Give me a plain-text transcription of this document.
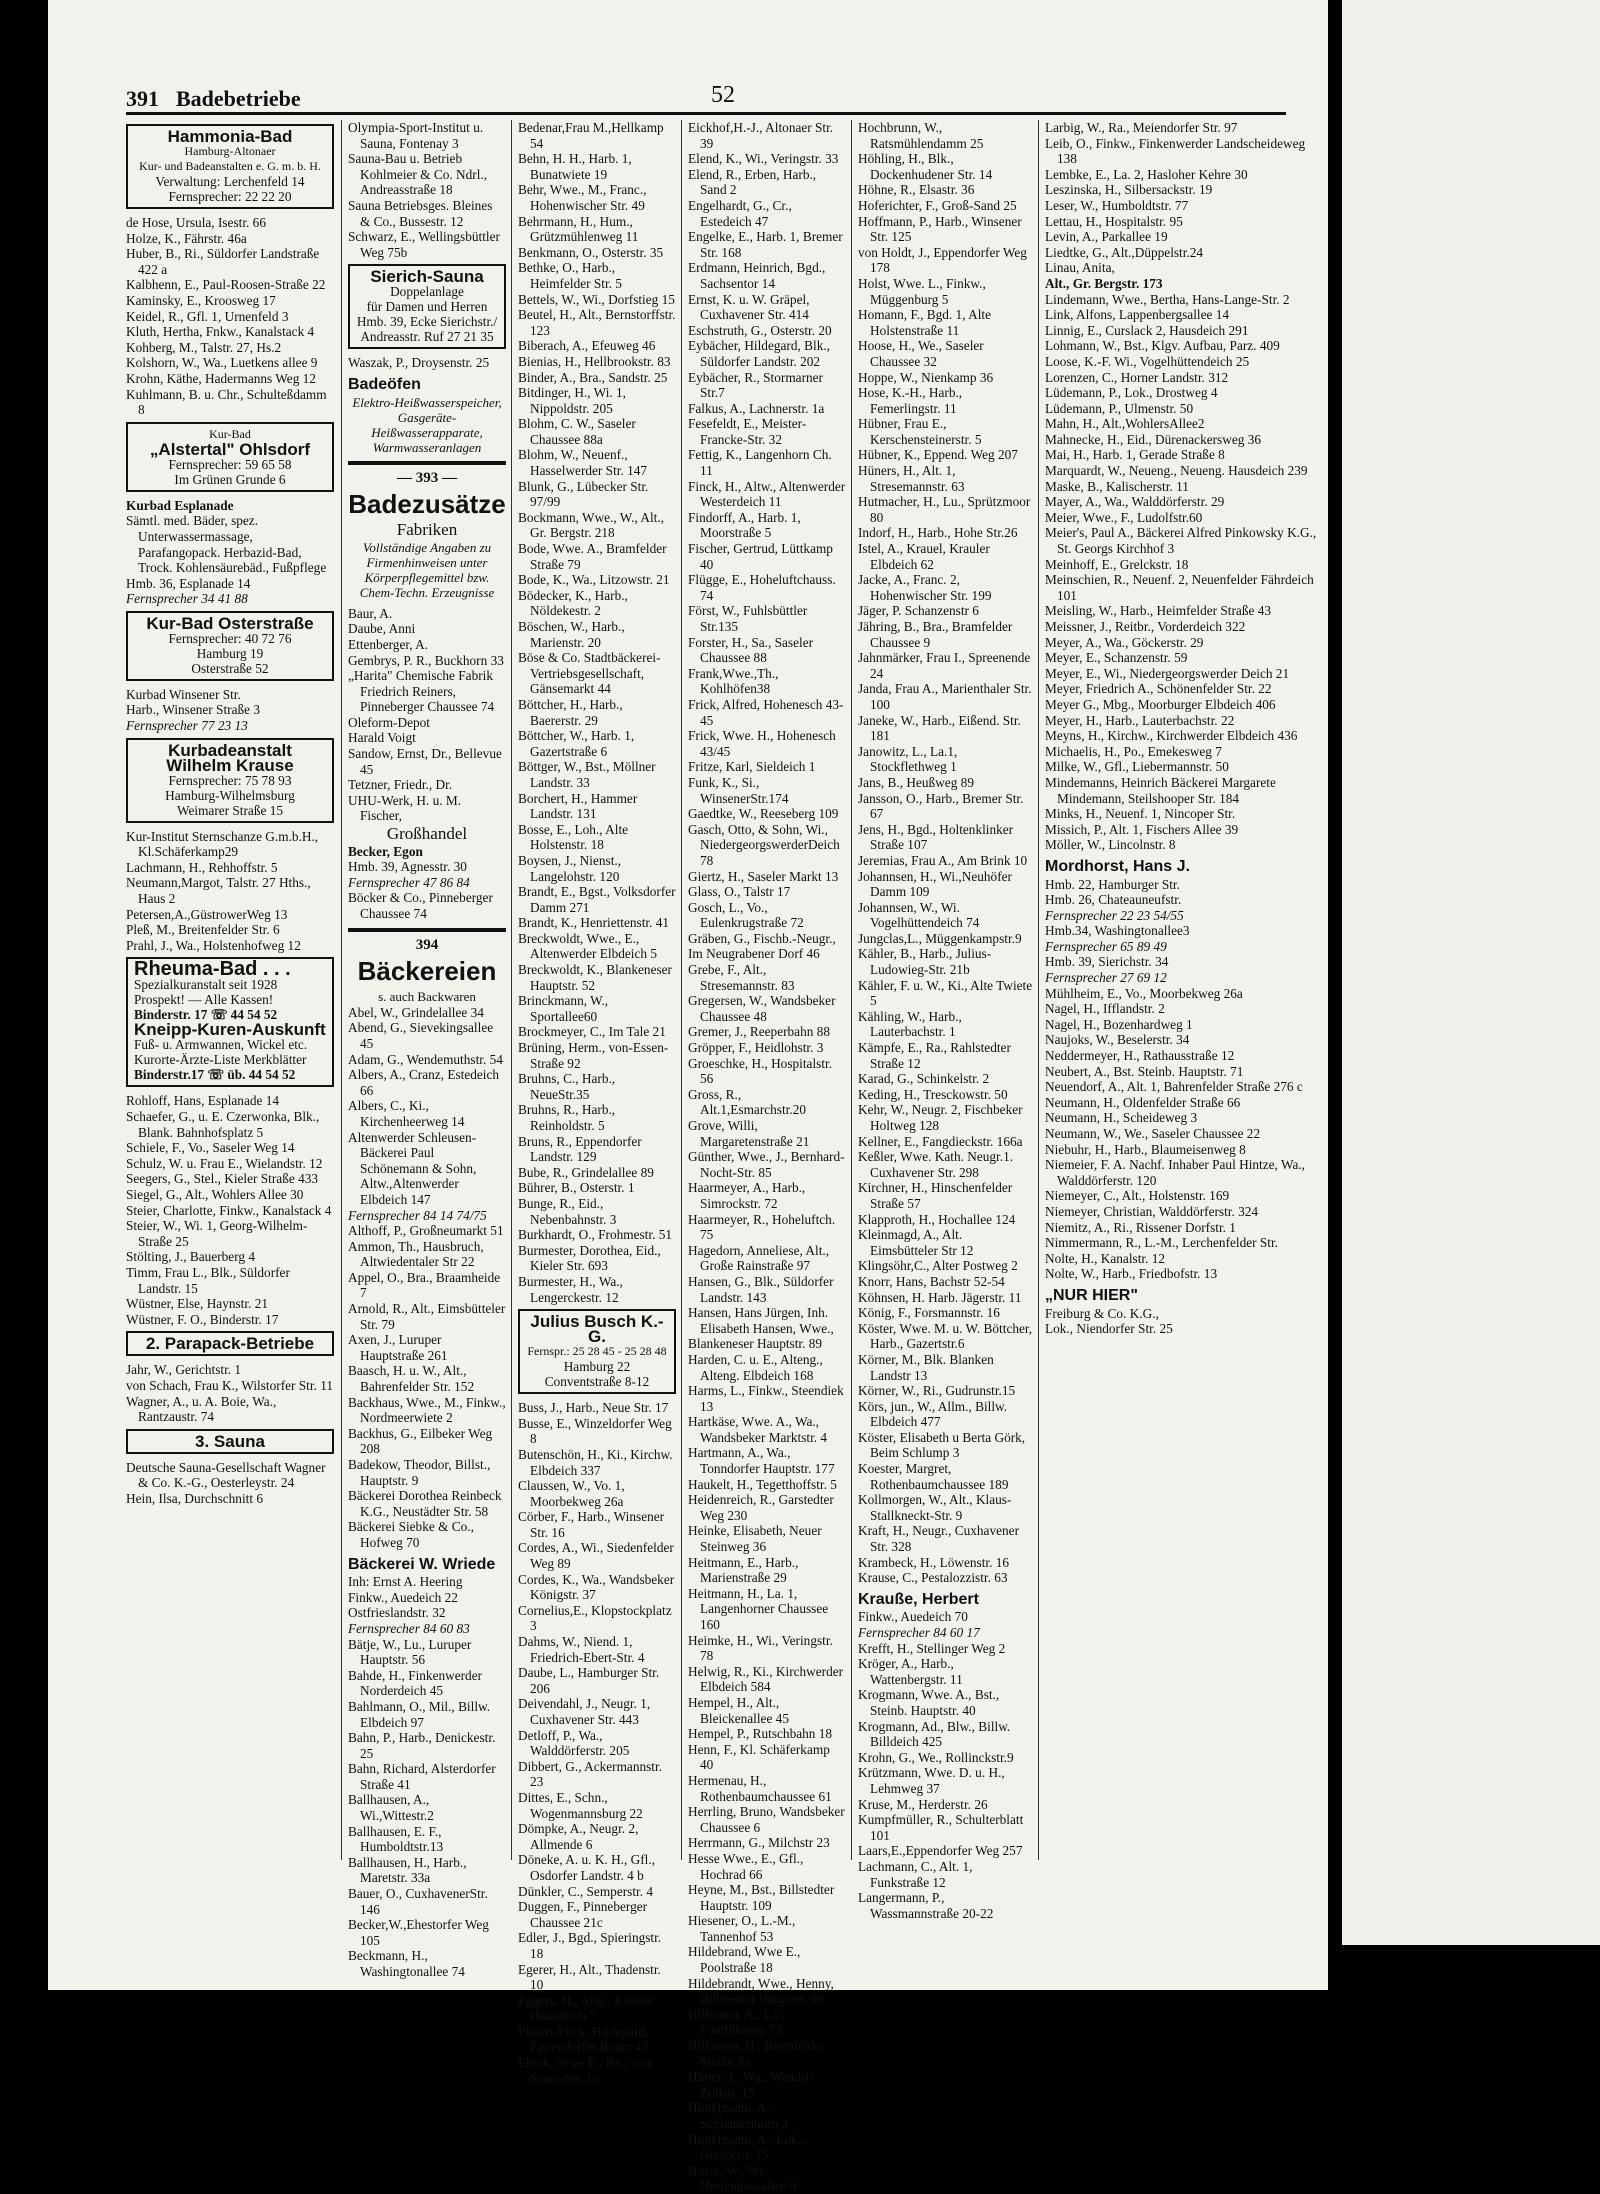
391 Badebetriebe	52
Hammonia-Bad
Hamburg-Altonaer
Kur- und Badeanstalten e. G. m. b. H.
Verwaltung: Lerchenfeld 14
Fernsprecher: 22 22 20

de Hose, Ursula, Isestr. 66

Holze, K., Fährstr. 46a

Huber, B., Ri., Süldorfer Landstraße 422 a

Kalbhenn, E., Paul-Roosen-Straße 22

Kaminsky, E., Kroosweg 17

Keidel, R., Gfl. 1, Urnenfeld 3

Kluth, Hertha, Fnkw., Kanalstack 4

Kohberg, M., Talstr. 27, Hs.2

Kolshorn, W., Wa., Luetkens allee 9

Krohn, Käthe, Hadermanns Weg 12

Kuhlmann, B. u. Chr., Schulteßdamm 8

Kur-Bad
„Alstertal" Ohlsdorf
Fernsprecher: 59 65 58
Im Grünen Grunde 6

Kurbad Esplanade

Sämtl. med. Bäder, spez. Unterwassermassage, Parafangopack. Herbazid-Bad, Trock. Kohlensäurebäd., Fußpflege

Hmb. 36, Esplanade 14

Fernsprecher 34 41 88

Kur-Bad Osterstraße
Fernsprecher: 40 72 76
Hamburg 19
Osterstraße 52

Kurbad Winsener Str.

Harb., Winsener Straße 3

Fernsprecher 77 23 13

Kurbadeanstalt
Wilhelm Krause
Fernsprecher: 75 78 93
Hamburg-Wilhelmsburg
Weimarer Straße 15

Kur-Institut Sternschanze G.m.b.H., Kl.Schäferkamp29

Lachmann, H., Rehhoffstr. 5

Neumann,Margot, Talstr. 27 Hths., Haus 2

Petersen,A.,GüstrowerWeg 13

Pleß, M., Breitenfelder Str. 6

Prahl, J., Wa., Holstenhofweg 12

Rheuma-Bad . . .
Spezialkuranstalt seit 1928
Prospekt! — Alle Kassen!
Binderstr. 17 ☏ 44 54 52
Kneipp-Kuren-Auskunft
Fuß- u. Armwannen, Wickel etc. Kurorte-Ärzte-Liste Merkblätter
Binderstr.17 ☏ üb. 44 54 52

Rohloff, Hans, Esplanade 14

Schaefer, G., u. E. Czerwonka, Blk., Blank. Bahnhofsplatz 5

Schiele, F., Vo., Saseler Weg 14

Schulz, W. u. Frau E., Wielandstr. 12

Seegers, G., Stel., Kieler Straße 433

Siegel, G., Alt., Wohlers Allee 30

Steier, Charlotte, Finkw., Kanalstack 4

Steier, W., Wi. 1, Georg-Wilhelm-Straße 25

Stölting, J., Bauerberg 4

Timm, Frau L., Blk., Süldorfer Landstr. 15

Wüstner, Else, Haynstr. 21

Wüstner, F. O., Binderstr. 17

2. Parapack-Betriebe

Jahr, W., Gerichtstr. 1

von Schach, Frau K., Wilstorfer Str. 11

Wagner, A., u. A. Boie, Wa., Rantzaustr. 74

3. Sauna

Deutsche Sauna-Gesellschaft Wagner & Co. K.-G., Oesterleystr. 24

Hein, Ilsa, Durchschnitt 6

Olympia-Sport-Institut u. Sauna, Fontenay 3

Sauna-Bau u. Betrieb Kohlmeier & Co. Ndrl., Andreasstraße 18

Sauna Betriebsges. Bleines & Co., Bussestr. 12

Schwarz, E., Wellingsbüttler Weg 75b

Sierich-Sauna
Doppelanlage
für Damen und Herren
Hmb. 39, Ecke Sierichstr./
Andreasstr. Ruf 27 21 35

Waszak, P., Droysenstr. 25

Badeöfen
Elektro-Heißwasserspeicher, Gasgeräte-Heißwasserapparate, Warmwasseranlagen
— 393 —
Badezusätze
Fabriken
Vollständige Angaben zu Firmenhinweisen unter Körperpflegemittel bzw. Chem-Techn. Erzeugnisse

Baur, A.

Daube, Anni

Ettenberger, A.

Gembrys, P. R., Buckhorn 33

„Harita" Chemische Fabrik Friedrich Reiners, Pinneberger Chaussee 74

Oleform-Depot

Harald Voigt

Sandow, Ernst, Dr., Bellevue 45

Tetzner, Friedr., Dr.

UHU-Werk, H. u. M. Fischer,

Großhandel

Becker, Egon

Hmb. 39, Agnesstr. 30

Fernsprecher 47 86 84

Böcker & Co., Pinneberger Chaussee 74

394
Bäckereien
s. auch Backwaren

Abel, W., Grindelallee 34

Abend, G., Sievekingsallee 45

Adam, G., Wendemuthstr. 54

Albers, A., Cranz, Estedeich 66

Albers, C., Ki., Kirchenheerweg 14

Altenwerder Schleusen-Bäckerei Paul Schönemann & Sohn, Altw.,Altenwerder Elbdeich 147

Fernsprecher 84 14 74/75

Althoff, P., Großneumarkt 51

Ammon, Th., Hausbruch, Altwiedentaler Str 22

Appel, O., Bra., Braamheide 7

Arnold, R., Alt., Eimsbütteler Str. 79

Axen, J., Luruper Hauptstraße 261

Baasch, H. u. W., Alt., Bahrenfelder Str. 152

Backhaus, Wwe., M., Finkw., Nordmeerwiete 2

Backhus, G., Eilbeker Weg 208

Badekow, Theodor, Billst., Hauptstr. 9

Bäckerei Dorothea Reinbeck K.G., Neustädter Str. 58

Bäckerei Siebke & Co., Hofweg 70

Bäckerei W. Wriede

Inh: Ernst A. Heering

Finkw., Auedeich 22

Ostfrieslandstr. 32

Fernsprecher 84 60 83

Bätje, W., Lu., Luruper Hauptstr. 56

Bahde, H., Finkenwerder Norderdeich 45

Bahlmann, O., Mil., Billw. Elbdeich 97

Bahn, P., Harb., Denickestr. 25

Bahn, Richard, Alsterdorfer Straße 41

Ballhausen, A., Wi.,Wittestr.2

Ballhausen, E. F., Humboldtstr.13

Ballhausen, H., Harb., Maretstr. 33a

Bauer, O., CuxhavenerStr. 146

Becker,W.,Ehestorfer Weg 105

Beckmann, H., Washingtonallee 74

Bedenar,Frau M.,Hellkamp 54

Behn, H. H., Harb. 1, Bunatwiete 19

Behr, Wwe., M., Franc., Hohenwischer Str. 49

Behrmann, H., Hum., Grützmühlenweg 11

Benkmann, O., Osterstr. 35

Bethke, O., Harb., Heimfelder Str. 5

Bettels, W., Wi., Dorfstieg 15

Beutel, H., Alt., Bernstorffstr. 123

Biberach, A., Efeuweg 46

Bienias, H., Hellbrookstr. 83

Binder, A., Bra., Sandstr. 25

Bitdinger, H., Wi. 1, Nippoldstr. 205

Blohm, C. W., Saseler Chaussee 88a

Blohm, W., Neuenf., Hasselwerder Str. 147

Blunk, G., Lübecker Str. 97/99

Bockmann, Wwe., W., Alt., Gr. Bergstr. 218

Bode, Wwe. A., Bramfelder Straße 79

Bode, K., Wa., Litzowstr. 21

Bödecker, K., Harb., Nöldekestr. 2

Böschen, W., Harb., Marienstr. 20

Böse & Co. Stadtbäckerei-Vertriebsgesellschaft, Gänsemarkt 44

Böttcher, H., Harb., Baererstr. 29

Böttcher, W., Harb. 1, Gazertstraße 6

Böttger, W., Bst., Möllner Landstr. 33

Borchert, H., Hammer Landstr. 131

Bosse, E., Loh., Alte Holstenstr. 18

Boysen, J., Nienst., Langelohstr. 120

Brandt, E., Bgst., Volksdorfer Damm 271

Brandt, K., Henriettenstr. 41

Breckwoldt, Wwe., E., Altenwerder Elbdeich 5

Breckwoldt, K., Blankeneser Hauptstr. 52

Brinckmann, W., Sportallee60

Brockmeyer, C., Im Tale 21

Brüning, Herm., von-Essen-Straße 92

Bruhns, C., Harb., NeueStr.35

Bruhns, R., Harb., Reinholdstr. 5

Bruns, R., Eppendorfer Landstr. 129

Bube, R., Grindelallee 89

Bührer, B., Osterstr. 1

Bunge, R., Eid., Nebenbahnstr. 3

Burkhardt, O., Frohmestr. 51

Burmester, Dorothea, Eid., Kieler Str. 693

Burmester, H., Wa., Lengerckestr. 12

Julius Busch K.-G.
Fernspr.: 25 28 45 - 25 28 48
Hamburg 22
Conventstraße 8-12

Buss, J., Harb., Neue Str. 17

Busse, E., Winzeldorfer Weg 8

Butenschön, H., Ki., Kirchw. Elbdeich 337

Claussen, W., Vo. 1, Moorbekweg 26a

Cörber, F., Harb., Winsener Str. 16

Cordes, A., Wi., Siedenfelder Weg 89

Cordes, K., Wa., Wandsbeker Königstr. 37

Cornelius,E., Klopstockplatz 3

Dahms, W., Niend. 1, Friedrich-Ebert-Str. 4

Daube, L., Hamburger Str. 206

Deivendahl, J., Neugr. 1, Cuxhavener Str. 443

Detloff, P., Wa., Walddörferstr. 205

Dibbert, G., Ackermannstr. 23

Dittes, E., Schn., Wogenmannsburg 22

Dömpke, A., Neugr. 2, Allmende 6

Döneke, A. u. K. H., Gfl., Osdorfer Landstr. 4 b

Dünkler, C., Semperstr. 4

Duggen, F., Pinneberger Chaussee 21c

Edler, J., Bgd., Spieringstr. 18

Egerer, H., Alt., Thadenstr. 10

Eggers, H., Altg., Kleiner Hausdeich 7

Ehnert-Flick, Hildegard, Eppendorfer Baum 43

Ehrck, Wwe E., Ba., von-Sauer-Str. 16

Eickhof,H.-J., Altonaer Str. 39

Elend, K., Wi., Veringstr. 33

Elend, R., Erben, Harb., Sand 2

Engelhardt, G., Cr., Estedeich 47

Engelke, E., Harb. 1, Bremer Str. 168

Erdmann, Heinrich, Bgd., Sachsentor 14

Ernst, K. u. W. Gräpel, Cuxhavener Str. 414

Eschstruth, G., Osterstr. 20

Eybächer, Hildegard, Blk., Süldorfer Landstr. 202

Eybächer, R., Stormarner Str.7

Falkus, A., Lachnerstr. 1a

Fesefeldt, E., Meister-Francke-Str. 32

Fettig, K., Langenhorn Ch. 11

Finck, H., Altw., Altenwerder Westerdeich 11

Findorff, A., Harb. 1, Moorstraße 5

Fischer, Gertrud, Lüttkamp 40

Flügge, E., Hoheluftchauss. 74

Först, W., Fuhlsbüttler Str.135

Forster, H., Sa., Saseler Chaussee 88

Frank,Wwe.,Th., Kohlhöfen38

Frick, Alfred, Hohenesch 43-45

Frick, Wwe. H., Hohenesch 43/45

Fritze, Karl, Sieldeich 1

Funk, K., Si., WinsenerStr.174

Gaedtke, W., Reeseberg 109

Gasch, Otto, & Sohn, Wi., NiedergeorgswerderDeich 78

Giertz, H., Saseler Markt 13

Glass, O., Talstr 17

Gosch, L., Vo., Eulenkrugstraße 72

Gräben, G., Fischb.-Neugr.,

Im Neugrabener Dorf 46

Grebe, F., Alt., Stresemannstr. 83

Gregersen, W., Wandsbeker Chaussee 48

Gremer, J., Reeperbahn 88

Gröpper, F., Heidlohstr. 3

Groeschke, H., Hospitalstr. 56

Gross, R., Alt.1,Esmarchstr.20

Grove, Willi, Margaretenstraße 21

Günther, Wwe., J., Bernhard-Nocht-Str. 85

Haarmeyer, A., Harb., Simrockstr. 72

Haarmeyer, R., Hoheluftch. 75

Hagedorn, Anneliese, Alt., Große Rainstraße 97

Hansen, G., Blk., Süldorfer Landstr. 143

Hansen, Hans Jürgen, Inh. Elisabeth Hansen, Wwe.,

Blankeneser Hauptstr. 89

Harden, C. u. E., Alteng., Alteng. Elbdeich 168

Harms, L., Finkw., Steendiek 13

Hartkäse, Wwe. A., Wa., Wandsbeker Marktstr. 4

Hartmann, A., Wa., Tonndorfer Hauptstr. 177

Haukelt, H., Tegetthoffstr. 5

Heidenreich, R., Garstedter Weg 230

Heinke, Elisabeth, Neuer Steinweg 36

Heitmann, E., Harb., Marienstraße 29

Heitmann, H., La. 1, Langenhorner Chaussee 160

Heimke, H., Wi., Veringstr. 78

Helwig, R., Ki., Kirchwerder Elbdeich 584

Hempel, H., Alt., Bleickenallee 45

Hempel, P., Rutschbahn 18

Henn, F., Kl. Schäferkamp 40

Hermenau, H., Rothenbaumchaussee 61

Herrling, Bruno, Wandsbeker Chaussee 6

Herrmann, G., Milchstr 23

Hesse Wwe., E., Gfl., Hochrad 66

Heyne, M., Bst., Billstedter Hauptstr. 109

Hiesener, O., L.-M., Tannenhof 53

Hildebrand, Wwe E., Poolstraße 18

Hildebrandt, Wwe., Henny, Billstedter Hauptstr. 96

Hillmann, A., La., Foorthkamp 73

Hillmann, H., Bramfelder Straße 8a

Himer, J., Wa., Wandsb. Zollstr. 15

Hintelmann, A., Schleusenhörn 3

Hintelmann, A., Lok., Grelckstr. 15

Hinze, W., Wi., Herrenhausallee 9

Hochbrunn, W., Ratsmühlendamm 25

Höhling, H., Blk., Dockenhudener Str. 14

Höhne, R., Elsastr. 36

Hoferichter, F., Groß-Sand 25

Hoffmann, P., Harb., Winsener Str. 125

von Holdt, J., Eppendorfer Weg 178

Holst, Wwe. L., Finkw., Müggenburg 5

Homann, F., Bgd. 1, Alte Holstenstraße 11

Hoose, H., We., Saseler Chaussee 32

Hoppe, W., Nienkamp 36

Hose, K.-H., Harb., Femerlingstr. 11

Hübner, Frau E., Kerschensteinerstr. 5

Hübner, K., Eppend. Weg 207

Hüners, H., Alt. 1, Stresemannstr. 63

Hutmacher, H., Lu., Sprützmoor 80

Indorf, H., Harb., Hohe Str.26

Istel, A., Krauel, Krauler Elbdeich 62

Jacke, A., Franc. 2, Hohenwischer Str. 199

Jäger, P. Schanzenstr 6

Jähring, B., Bra., Bramfelder Chaussee 9

Jahnmärker, Frau I., Spreenende 24

Janda, Frau A., Marienthaler Str. 100

Janeke, W., Harb., Eißend. Str. 181

Janowitz, L., La.1, Stockflethweg 1

Jans, B., Heußweg 89

Jansson, O., Harb., Bremer Str. 67

Jens, H., Bgd., Holtenklinker Straße 107

Jeremias, Frau A., Am Brink 10

Johannsen, H., Wi.,Neuhöfer Damm 109

Johannsen, W., Wi. Vogelhüttendeich 74

Jungclas,L., Müggenkampstr.9

Kähler, B., Harb., Julius-Ludowieg-Str. 21b

Kähler, F. u. W., Ki., Alte Twiete 5

Kähling, W., Harb., Lauterbachstr. 1

Kämpfe, E., Ra., Rahlstedter Straße 12

Karad, G., Schinkelstr. 2

Keding, H., Tresckowstr. 50

Kehr, W., Neugr. 2, Fischbeker Holtweg 128

Kellner, E., Fangdieckstr. 166a

Keßler, Wwe. Kath. Neugr.1. Cuxhavener Str. 298

Kirchner, H., Hinschenfelder Straße 57

Klapproth, H., Hochallee 124

Kleinmagd, A., Alt. Eimsbütteler Str 12

Klingsöhr,C., Alter Postweg 2

Knorr, Hans, Bachstr 52-54

Köhnsen, H. Harb. Jägerstr. 11

König, F., Forsmannstr. 16

Köster, Wwe. M. u. W. Böttcher, Harb., Gazertstr.6

Körner, M., Blk. Blanken Landstr 13

Körner, W., Ri., Gudrunstr.15

Körs, jun., W., Allm., Billw. Elbdeich 477

Köster, Elisabeth u Berta Görk, Beim Schlump 3

Koester, Margret, Rothenbaumchaussee 189

Kollmorgen, W., Alt., Klaus-Stallkneckt-Str. 9

Kraft, H., Neugr., Cuxhavener Str. 328

Krambeck, H., Löwenstr. 16

Krause, C., Pestalozzistr. 63

Krauße, Herbert

Finkw., Auedeich 70

Fernsprecher 84 60 17

Krefft, H., Stellinger Weg 2

Kröger, A., Harb., Wattenbergstr. 11

Krogmann, Wwe. A., Bst., Steinb. Hauptstr. 40

Krogmann, Ad., Blw., Billw. Billdeich 425

Krohn, G., We., Rollinckstr.9

Krützmann, Wwe. D. u. H., Lehmweg 37

Kruse, M., Herderstr. 26

Kumpfmüller, R., Schulterblatt 101

Laars,E.,Eppendorfer Weg 257

Lachmann, C., Alt. 1, Funkstraße 12

Langermann, P., Wassmannstraße 20-22

Larbig, W., Ra., Meiendorfer Str. 97

Leib, O., Finkw., Finkenwerder Landscheideweg 138

Lembke, E., La. 2, Hasloher Kehre 30

Leszinska, H., Silbersackstr. 19

Leser, W., Humboldtstr. 77

Lettau, H., Hospitalstr. 95

Levin, A., Parkallee 19

Liedtke, G., Alt.,Düppelstr.24

Linau, Anita,

Alt., Gr. Bergstr. 173

Lindemann, Wwe., Bertha, Hans-Lange-Str. 2

Link, Alfons, Lappenbergsallee 14

Linnig, E., Curslack 2, Hausdeich 291

Lohmann, W., Bst., Klgv. Aufbau, Parz. 409

Loose, K.-F. Wi., Vogelhüttendeich 25

Lorenzen, C., Horner Landstr. 312

Lüdemann, P., Lok., Drostweg 4

Lüdemann, P., Ulmenstr. 50

Mahn, H., Alt.,WohlersAllee2

Mahnecke, H., Eid., Dürenackersweg 36

Mai, H., Harb. 1, Gerade Straße 8

Marquardt, W., Neueng., Neueng. Hausdeich 239

Maske, B., Kalischerstr. 11

Mayer, A., Wa., Walddörferstr. 29

Meier, Wwe., F., Ludolfstr.60

Meier's, Paul A., Bäckerei Alfred Pinkowsky K.G., St. Georgs Kirchhof 3

Meinhoff, E., Grelckstr. 18

Meinschien, R., Neuenf. 2, Neuenfelder Fährdeich 101

Meisling, W., Harb., Heimfelder Straße 43

Meissner, J., Reitbr., Vorderdeich 322

Meyer, A., Wa., Göckerstr. 29

Meyer, E., Schanzenstr. 59

Meyer, E., Wi., Niedergeorgswerder Deich 21

Meyer, Friedrich A., Schönenfelder Str. 22

Meyer G., Mbg., Moorburger Elbdeich 406

Meyer, H., Harb., Lauterbachstr. 22

Meyns, H., Kirchw., Kirchwerder Elbdeich 436

Michaelis, H., Po., Emekesweg 7

Milke, W., Gfl., Liebermannstr. 50

Mindemanns, Heinrich Bäckerei Margarete Mindemann, Steilshooper Str. 184

Minks, H., Neuenf. 1, Nincoper Str.

Missich, P., Alt. 1, Fischers Allee 39

Möller, W., Lincolnstr. 8

Mordhorst, Hans J.

Hmb. 22, Hamburger Str.

Hmb. 26, Chateauneufstr.

Fernsprecher 22 23 54/55

Hmb.34, Washingtonallee3

Fernsprecher 65 89 49

Hmb. 39, Sierichstr. 34

Fernsprecher 27 69 12

Mühlheim, E., Vo., Moorbekweg 26a

Nagel, H., Ifflandstr. 2

Nagel, H., Bozenhardweg 1

Naujoks, W., Beselerstr. 34

Neddermeyer, H., Rathausstraße 12

Neubert, A., Bst. Steinb. Hauptstr. 71

Neuendorf, A., Alt. 1, Bahrenfelder Straße 276 c

Neumann, H., Oldenfelder Straße 66

Neumann, H., Scheideweg 3

Neumann, W., We., Saseler Chaussee 22

Niebuhr, H., Harb., Blaumeisenweg 8

Niemeier, F. A. Nachf. Inhaber Paul Hintze, Wa., Walddörferstr. 120

Niemeyer, C., Alt., Holstenstr. 169

Niemeyer, Christian, Walddörferstr. 324

Niemitz, A., Ri., Rissener Dorfstr. 1

Nimmermann, R., L.-M., Lerchenfelder Str.

Nolte, H., Kanalstr. 12

Nolte, W., Harb., Friedbofstr. 13

„NUR HIER"

Freiburg & Co. K.G.,

Lok., Niendorfer Str. 25
